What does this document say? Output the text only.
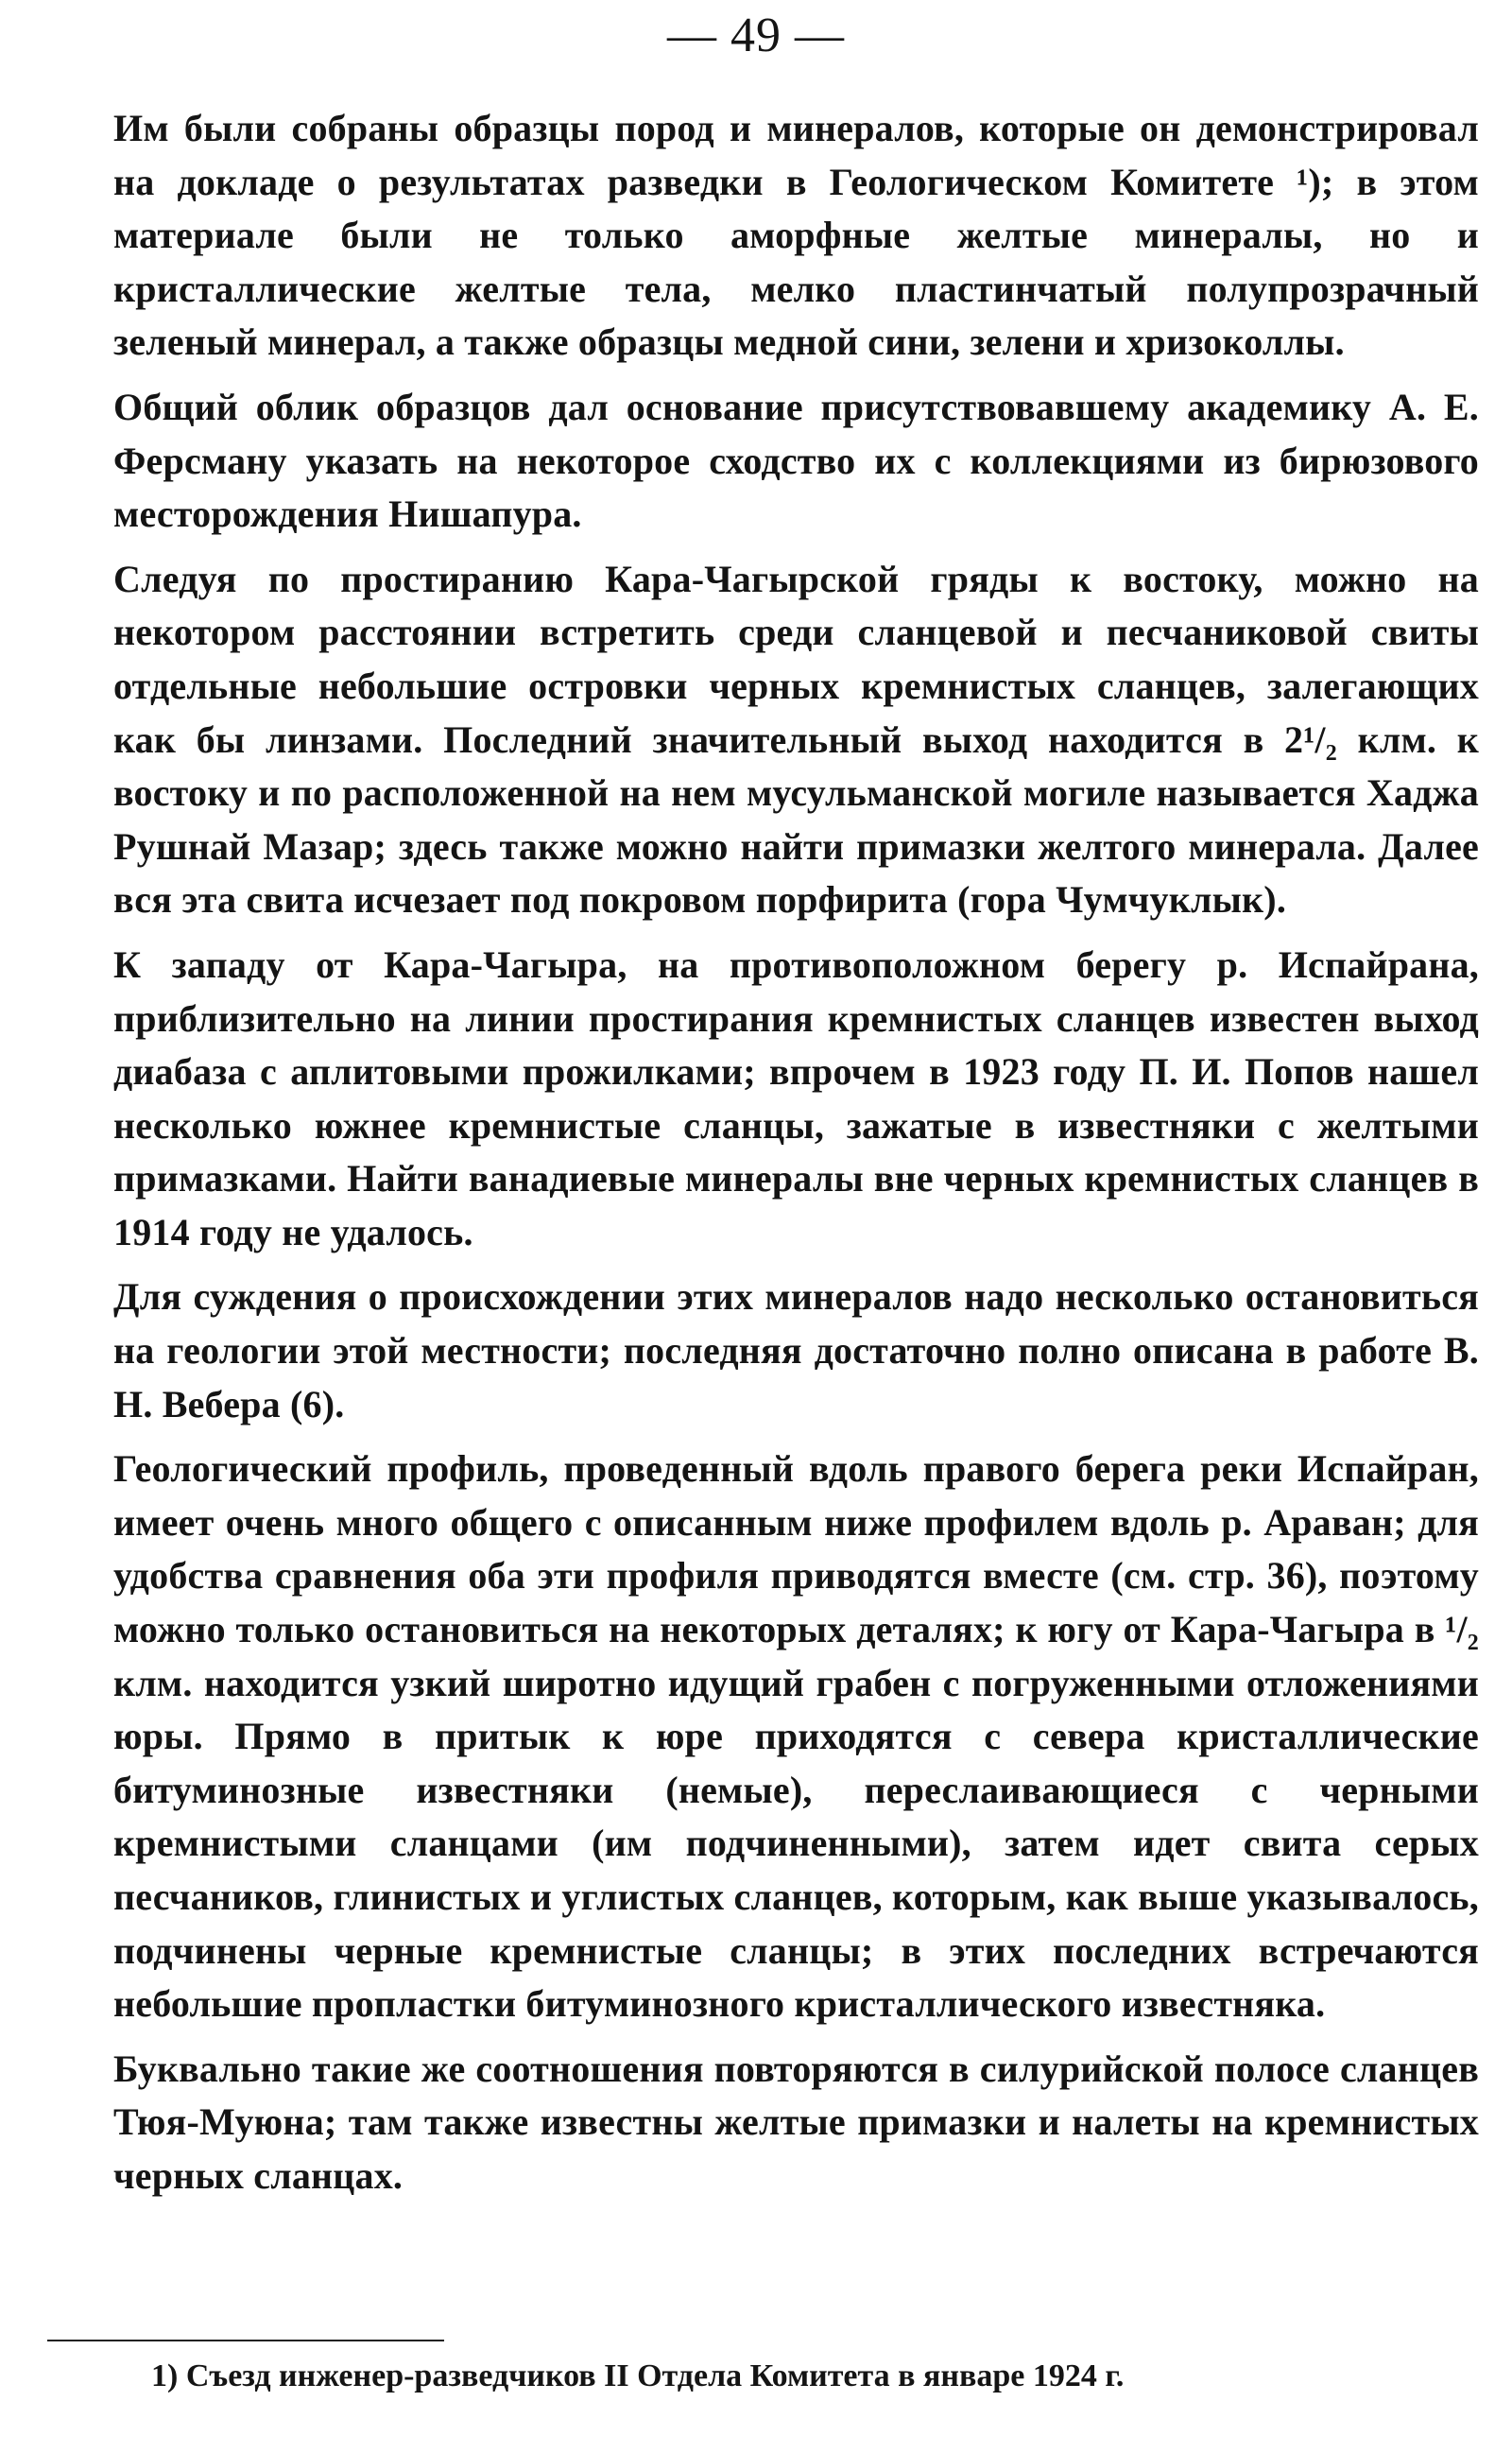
— 49 —

Им были собраны образцы пород и минералов, которые он демонстрировал на докладе о результатах разведки в Геологическом Комитете ¹); в этом материале были не только аморфные желтые минералы, но и кристаллические желтые тела, мелко пластинчатый полупрозрачный зеленый минерал, а также образцы медной сини, зелени и хризоколлы.

Общий облик образцов дал основание присутствовавшему академику А. Е. Ферсману указать на некоторое сходство их с коллекциями из бирюзового месторождения Нишапура.

Следуя по простиранию Кара-Чагырской гряды к востоку, можно на некотором расстоянии встретить среди сланцевой и песчаниковой свиты отдельные небольшие островки черных кремнистых сланцев, залегающих как бы линзами. Последний значительный выход находится в 2¹/₂ клм. к востоку и по расположенной на нем мусульманской могиле называется Хаджа Рушнай Мазар; здесь также можно найти примазки желтого минерала. Далее вся эта свита исчезает под покровом порфирита (гора Чумчуклык).

К западу от Кара-Чагыра, на противоположном берегу р. Испайрана, приблизительно на линии простирания кремнистых сланцев известен выход диабаза с аплитовыми прожилками; впрочем в 1923 году П. И. Попов нашел несколько южнее кремнистые сланцы, зажатые в известняки с желтыми примазками. Найти ванадиевые минералы вне черных кремнистых сланцев в 1914 году не удалось.

Для суждения о происхождении этих минералов надо несколько остановиться на геологии этой местности; последняя достаточно полно описана в работе В. Н. Вебера (6).

Геологический профиль, проведенный вдоль правого берега реки Испайран, имеет очень много общего с описанным ниже профилем вдоль р. Араван; для удобства сравнения оба эти профиля приводятся вместе (см. стр. 36), поэтому можно только остановиться на некоторых деталях; к югу от Кара-Чагыра в ¹/₂ клм. находится узкий широтно идущий грабен с погруженными отложениями юры. Прямо в притык к юре приходятся с севера кристаллические битуминозные известняки (немые), переслаивающиеся с черными кремнистыми сланцами (им подчиненными), затем идет свита серых песчаников, глинистых и углистых сланцев, которым, как выше указывалось, подчинены черные кремнистые сланцы; в этих последних встречаются небольшие пропластки битуминозного кристаллического известняка.

Буквально такие же соотношения повторяются в силурийской полосе сланцев Тюя-Муюна; там также известны желтые примазки и налеты на кремнистых черных сланцах.

1) Съезд инженер-разведчиков II Отдела Комитета в январе 1924 г.
